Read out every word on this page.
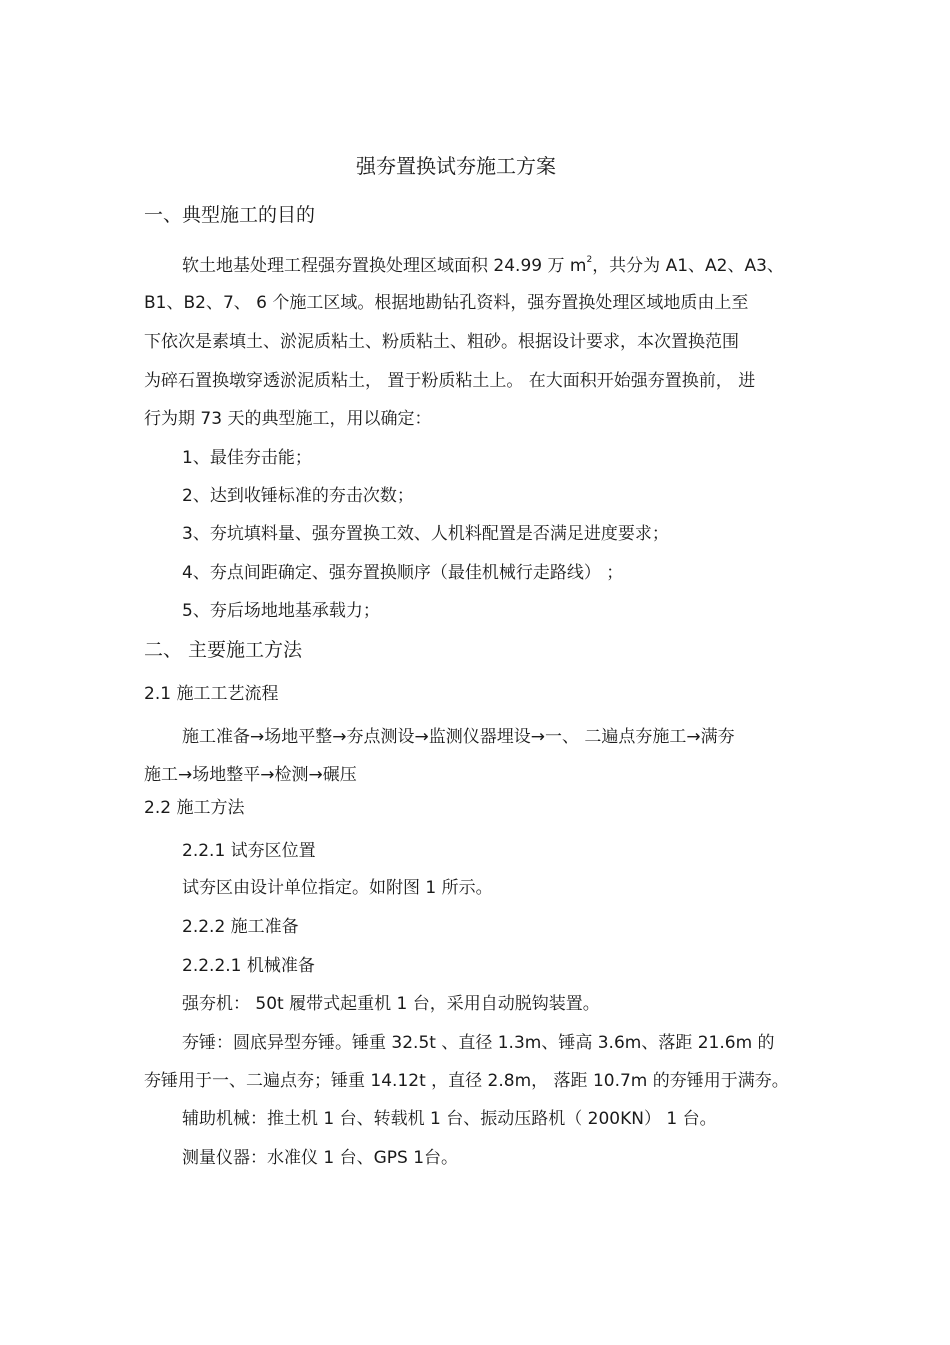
强夯置换试夯施工方案
一、典型施工的目的
软土地基处理工程强夯置换处理区域面积 24.99 万 $m^2$，共分为 A1、A2、A3、
B1、B2、7、 6 个施工区域。根据地勘钻孔资料，强夯置换处理区域地质由上至
下依次是素填土、淤泥质粘土、粉质粘土、粗砂。根据设计要求，本次置换范围
为碎石置换墩穿透淤泥质粘土， 置于粉质粘土上。 在大面积开始强夯置换前， 进
行为期 73 天的典型施工，用以确定：
1、最佳夯击能；
2、达到收锤标准的夯击次数；
3、夯坑填料量、强夯置换工效、人机料配置是否满足进度要求；
4、夯点间距确定、强夯置换顺序（最佳机械行走路线） ；
5、夯后场地地基承载力；
二、 主要施工方法
2.1 施工工艺流程
施工准备→场地平整→夯点测设→监测仪器埋设→一、 二遍点夯施工→满夯
施工→场地整平→检测→碾压
2.2 施工方法
2.2.1 试夯区位置
试夯区由设计单位指定。如附图 1 所示。
2.2.2 施工准备
2.2.2.1 机械准备
强夯机： 50t 履带式起重机 1 台，采用自动脱钩装置。
夯锤：圆底异型夯锤。锤重 32.5t 、直径 1.3m、锤高 3.6m、落距 21.6m 的
夯锤用于一、二遍点夯；锤重 14.12t ，直径 2.8m， 落距 10.7m 的夯锤用于满夯。
辅助机械：推土机 1 台、转载机 1 台、振动压路机（ 200KN） 1 台。
测量仪器：水准仪 1 台、GPS 1台。
